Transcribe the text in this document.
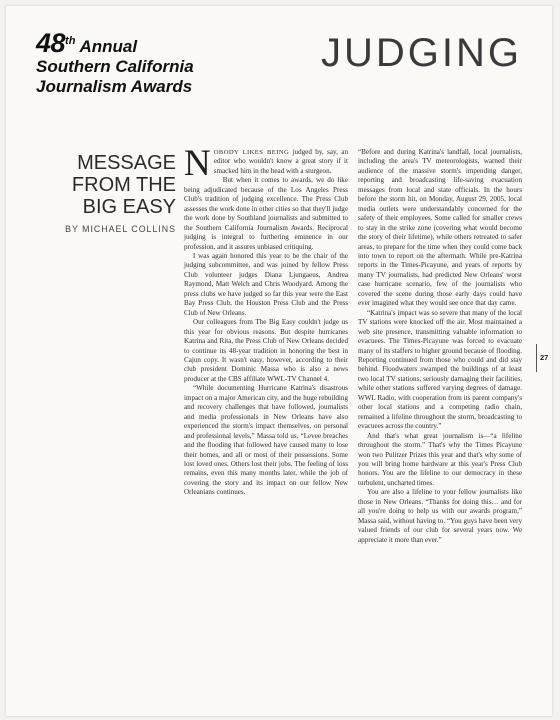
48th Annual
Southern California
Journalism Awards
JUDGING
MESSAGE
FROM THE
BIG EASY
BY MICHAEL COLLINS

NOBODY LIKES BEING judged by, say, an editor who wouldn't know a great story if it smacked him in the head with a sturgeon.

But when it comes to awards, we do like being adjudicated because of the Los Angeles Press Club's tradition of judging excellence. The Press Club assesses the work done in other cities so that they'll judge the work done by Southland journalists and submitted to the Southern California Journalism Awards. Reciprocal judging is integral to furthering eminence in our profession, and it assures unbiased critiquing.

I was again honored this year to be the chair of the judging subcommittee, and was joined by fellow Press Club volunteer judges Diana Ljungaeus, Andrea Raymond, Matt Welch and Chris Woodyard. Among the press clubs we have judged so far this year were the East Bay Press Club, the Houston Press Club and the Press Club of New Orleans.

Our colleagues from The Big Easy couldn't judge us this year for obvious reasons. But despite hurricanes Katrina and Rita, the Press Club of New Orleans decided to continue its 48-year tradition in honoring the best in Cajun copy. It wasn't easy, however, according to their club president Dominic Massa who is also a news producer at the CBS affiliate WWL-TV Channel 4.

“While documenting Hurricane Katrina's disastrous impact on a major American city, and the huge rebuilding and recovery challenges that have followed, journalists and media professionals in New Orleans have also experienced the storm's impact themselves, on personal and professional levels,” Massa told us. “Levee breaches and the flooding that followed have caused many to lose their homes, and all or most of their possessions. Some lost loved ones. Others lost their jobs. The feeling of loss remains, even this many months later, while the job of covering the story and its impact on our fellow New Orleanians continues.

“Before and during Katrina's landfall, local journalists, including the area's TV meteorologists, warned their audience of the massive storm's impending danger, reporting and broadcasting life-saving evacuation messages from local and state officials. In the hours before the storm hit, on Monday, August 29, 2005, local media outlets were understandably concerned for the safety of their employees. Some called for smaller crews to stay in the strike zone (covering what would become the story of their lifetime), while others retreated to safer areas, to prepare for the time when they could come back into town to report on the aftermath. While pre-Katrina reports in the Times-Picayune, and years of reports by many TV journalists, had predicted New Orleans' worst case hurricane scenario, few of the journalists who covered the scene during those early days could have ever imagined what they would see once that day came.

“Katrina's impact was so severe that many of the local TV stations were knocked off the air. Most maintained a web site presence, transmitting valuable information to evacuees. The Times-Picayune was forced to evacuate many of its staffers to higher ground because of flooding. Reporting continued from those who could and did stay behind. Floodwaters swamped the buildings of at least two local TV stations, seriously damaging their facilities, while other stations suffered varying degrees of damage. WWL Radio, with cooperation from its parent company's other local stations and a competing radio chain, remained a lifeline throughout the storm, broadcasting to evacuees across the country.”

And that's what great journalism is—“a lifeline throughout the storm.” That's why the Times Picayune won two Pulitzer Prizes this year and that's why some of you will bring home hardware at this year's Press Club honors. You are the lifeline to our democracy in these turbulent, uncharted times.

You are also a lifeline to your fellow journalists like those in New Orleans. “Thanks for doing this… and for all you're doing to help us with our awards program,” Massa said, without having to. “You guys have been very valued friends of our club for several years now. We appreciate it more than ever.”

27
